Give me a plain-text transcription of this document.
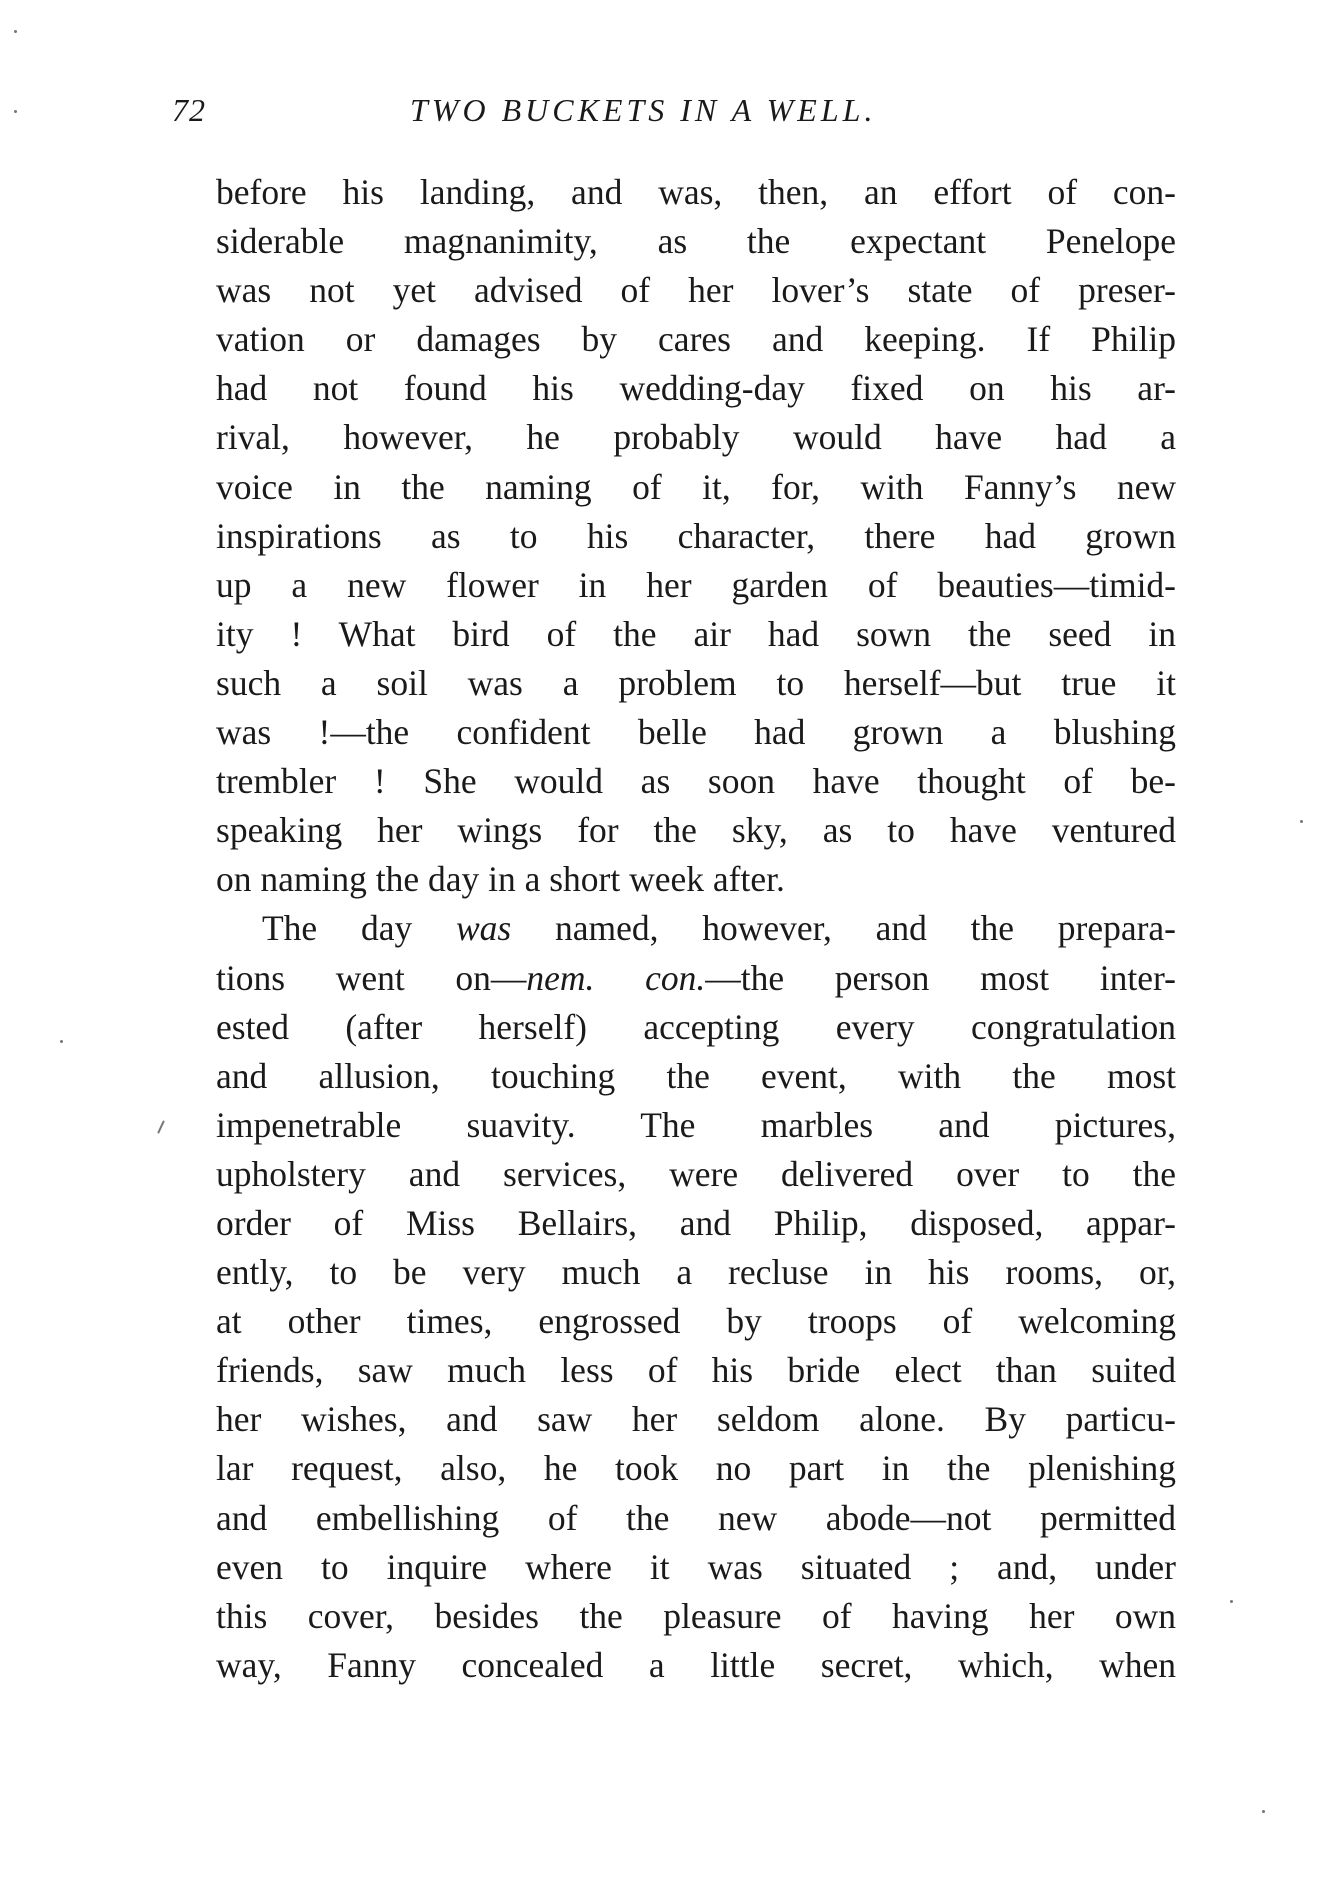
72	TWO BUCKETS IN A WELL.
before his landing, and was, then, an effort of con-
siderable magnanimity, as the expectant Penelope
was not yet advised of her lover’s state of preser-
vation or damages by cares and keeping. If Philip
had not found his wedding-day fixed on his ar-
rival, however, he probably would have had a
voice in the naming of it, for, with Fanny’s new
inspirations as to his character, there had grown
up a new flower in her garden of beauties—timid-
ity ! What bird of the air had sown the seed in
such a soil was a problem to herself—but true it
was !—the confident belle had grown a blushing
trembler ! She would as soon have thought of be-
speaking her wings for the sky, as to have ventured
on naming the day in a short week after.
The day was named, however, and the prepara-
tions went on—nem. con.—the person most inter-
ested (after herself) accepting every congratulation
and allusion, touching the event, with the most
impenetrable suavity. The marbles and pictures,
upholstery and services, were delivered over to the
order of Miss Bellairs, and Philip, disposed, appar-
ently, to be very much a recluse in his rooms, or,
at other times, engrossed by troops of welcoming
friends, saw much less of his bride elect than suited
her wishes, and saw her seldom alone. By particu-
lar request, also, he took no part in the plenishing
and embellishing of the new abode—not permitted
even to inquire where it was situated ; and, under
this cover, besides the pleasure of having her own
way, Fanny concealed a little secret, which, when
